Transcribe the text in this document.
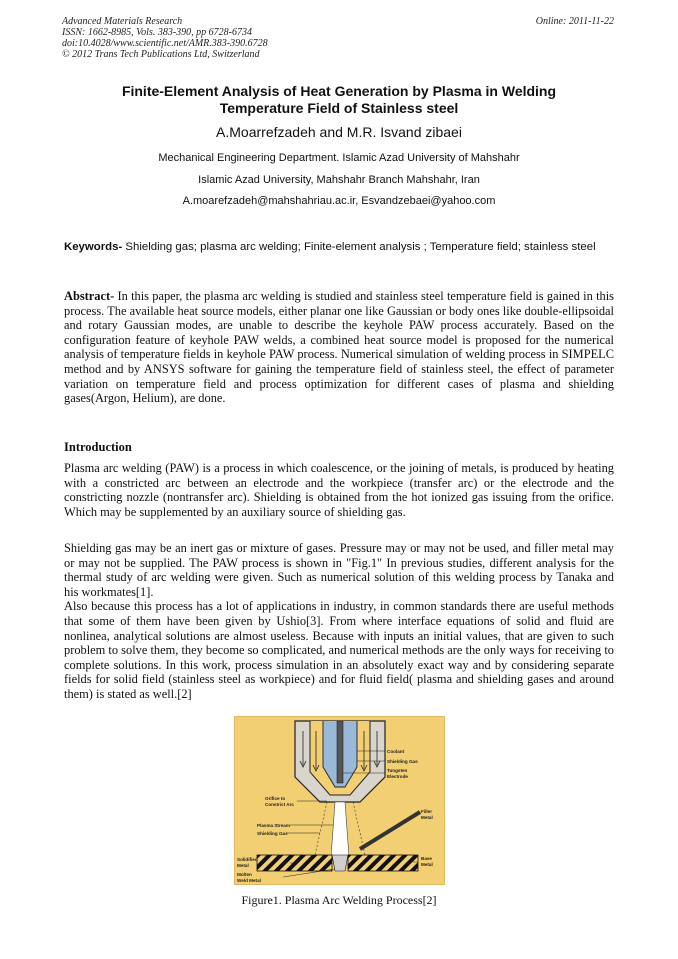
Advanced Materials Research
ISSN: 1662-8985, Vols. 383-390, pp 6728-6734
doi:10.4028/www.scientific.net/AMR.383-390.6728
© 2012 Trans Tech Publications Ltd, Switzerland
Online: 2011-11-22
Finite-Element Analysis of Heat Generation by Plasma in Welding
Temperature Field of Stainless steel
A.Moarrefzadeh and M.R. Isvand zibaei
Mechanical Engineering Department. Islamic Azad University of Mahshahr
Islamic Azad University, Mahshahr Branch Mahshahr, Iran
A.moarefzadeh@mahshahriau.ac.ir, Esvandzebaei@yahoo.com
Keywords- Shielding gas; plasma arc welding; Finite-element analysis ; Temperature field; stainless steel

Abstract- In this paper, the plasma arc welding is studied and stainless steel temperature field is gained in this process. The available heat source models, either planar one like Gaussian or body ones like double-ellipsoidal and rotary Gaussian modes, are unable to describe the keyhole PAW process accurately. Based on the configuration feature of keyhole PAW welds, a combined heat source model is proposed for the numerical analysis of temperature fields in keyhole PAW process. Numerical simulation of welding process in SIMPELC method and by ANSYS software for gaining the temperature field of stainless steel, the effect of parameter variation on temperature field and process optimization for different cases of plasma and shielding gases(Argon, Helium), are done.

Introduction

Plasma arc welding (PAW) is a process in which coalescence, or the joining of metals, is produced by heating with a constricted arc between an electrode and the workpiece (transfer arc) or the electrode and the constricting nozzle (nontransfer arc). Shielding is obtained from the hot ionized gas issuing from the orifice. Which may be supplemented by an auxiliary source of shielding gas.

Shielding gas may be an inert gas or mixture of gases. Pressure may or may not be used, and filler metal may or may not be supplied. The PAW process is shown in "Fig.1" In previous studies, different analysis for the thermal study of arc welding were given. Such as numerical solution of this welding process by Tanaka and his workmates[1].

Also because this process has a lot of applications in industry, in common standards there are useful methods that some of them have been given by Ushio[3]. From where interface equations of solid and fluid are nonlinea, analytical solutions are almost useless. Because with inputs an initial values, that are given to such problem to solve them, they become so complicated, and numerical methods are the only ways for receiving to complete solutions. In this work, process simulation in an absolutely exact way and by considering separate fields for solid field (stainless steel as workpiece) and for fluid field( plasma and shielding gases and around them) is stated as well.[2]

Coolant
Shielding Gas
Tungsten
Electrode
Orifice to
Constrict Arc
Plasma Stream
Shielding Gas
Filler
Metal
Solidified
Metal
Base
Metal
Molten
Weld Metal
Figure1. Plasma Arc Welding Process[2]
